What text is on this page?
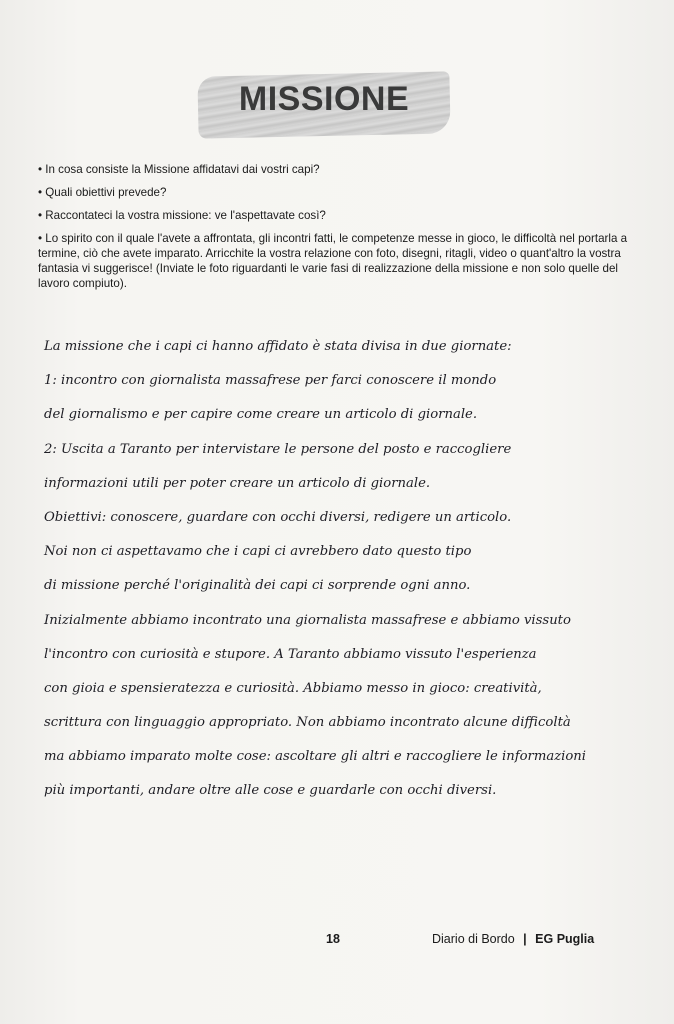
MISSIONE
• In cosa consiste la Missione affidatavi dai vostri capi?
• Quali obiettivi prevede?
• Raccontateci la vostra missione: ve l'aspettavate così?
• Lo spirito con il quale l'avete a affrontata, gli incontri fatti, le competenze messe in gioco, le difficoltà nel portarla a termine, ciò che avete imparato. Arricchite la vostra relazione con foto, disegni, ritagli, video o quant'altro la vostra fantasia vi suggerisce! (Inviate le foto riguardanti le varie fasi di realizzazione della missione e non solo quelle del lavoro compiuto).
La missione che i capi ci hanno affidato è stata divisa in due giornate:
1: incontro con giornalista massafrese per farci conoscere il mondo
del giornalismo e per capire come creare un articolo di giornale.
2: Uscita a Taranto per intervistare le persone del posto e raccogliere
informazioni utili per poter creare un articolo di giornale.
Obiettivi: conoscere, guardare con occhi diversi, redigere un articolo.
Noi non ci aspettavamo che i capi ci avrebbero dato questo tipo
di missione perché l'originalità dei capi ci sorprende ogni anno.
Inizialmente abbiamo incontrato una giornalista massafrese e abbiamo vissuto
l'incontro con curiosità e stupore. A Taranto abbiamo vissuto l'esperienza
con gioia e spensieratezza e curiosità. Abbiamo messo in gioco: creatività,
scrittura con linguaggio appropriato. Non abbiamo incontrato alcune difficoltà
ma abbiamo imparato molte cose: ascoltare gli altri e raccogliere le informazioni
più importanti, andare oltre alle cose e guardarle con occhi diversi.
18	Diario di Bordo | EG Puglia
